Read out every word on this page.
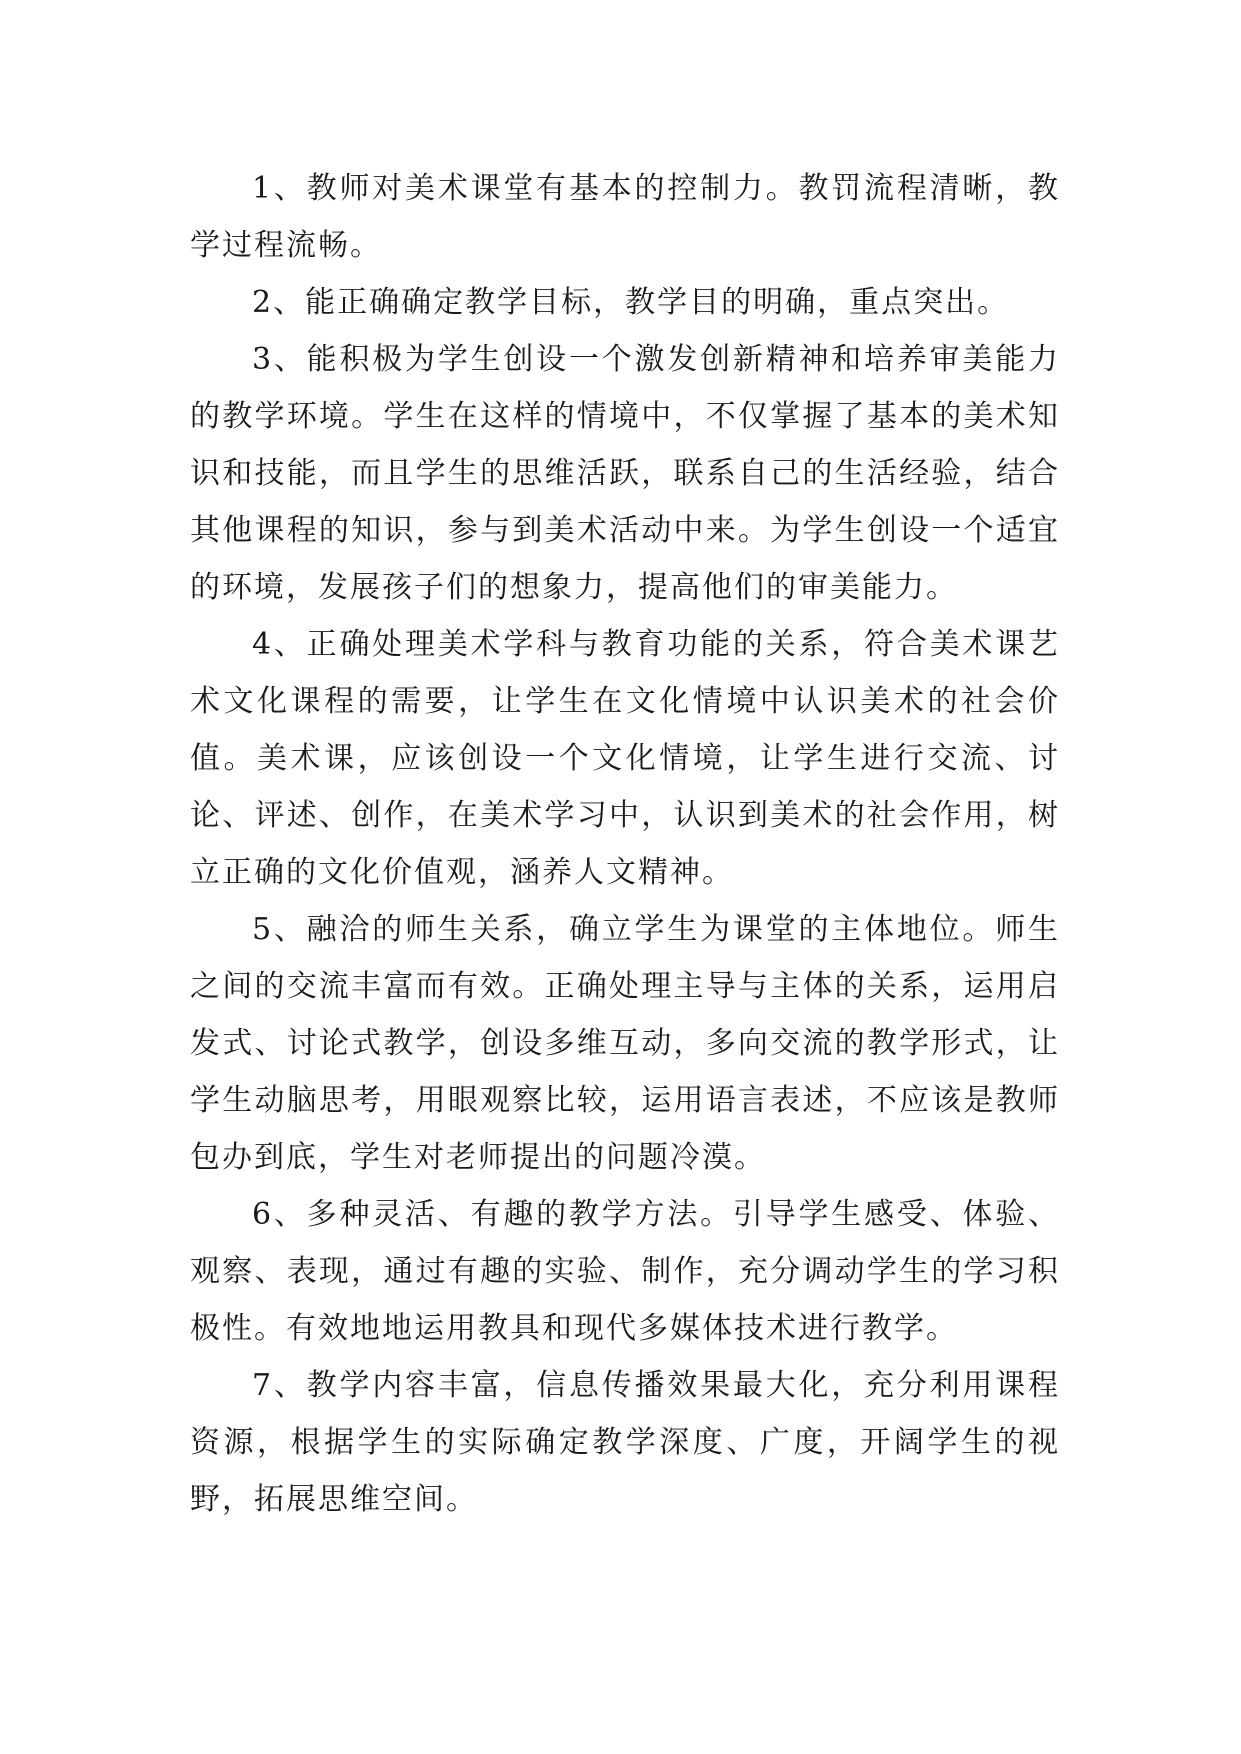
1、教师对美术课堂有基本的控制力。教罚流程清晰，教学过程流畅。

2、能正确确定教学目标，教学目的明确，重点突出。

3、能积极为学生创设一个激发创新精神和培养审美能力的教学环境。学生在这样的情境中，不仅掌握了基本的美术知识和技能，而且学生的思维活跃，联系自己的生活经验，结合其他课程的知识，参与到美术活动中来。为学生创设一个适宜的环境，发展孩子们的想象力，提高他们的审美能力。

4、正确处理美术学科与教育功能的关系，符合美术课艺术文化课程的需要，让学生在文化情境中认识美术的社会价值。美术课，应该创设一个文化情境，让学生进行交流、讨论、评述、创作，在美术学习中，认识到美术的社会作用，树立正确的文化价值观，涵养人文精神。

5、融洽的师生关系，确立学生为课堂的主体地位。师生之间的交流丰富而有效。正确处理主导与主体的关系，运用启发式、讨论式教学，创设多维互动，多向交流的教学形式，让学生动脑思考，用眼观察比较，运用语言表述，不应该是教师包办到底，学生对老师提出的问题冷漠。

6、多种灵活、有趣的教学方法。引导学生感受、体验、观察、表现，通过有趣的实验、制作，充分调动学生的学习积极性。有效地地运用教具和现代多媒体技术进行教学。

7、教学内容丰富，信息传播效果最大化，充分利用课程资源，根据学生的实际确定教学深度、广度，开阔学生的视野，拓展思维空间。
